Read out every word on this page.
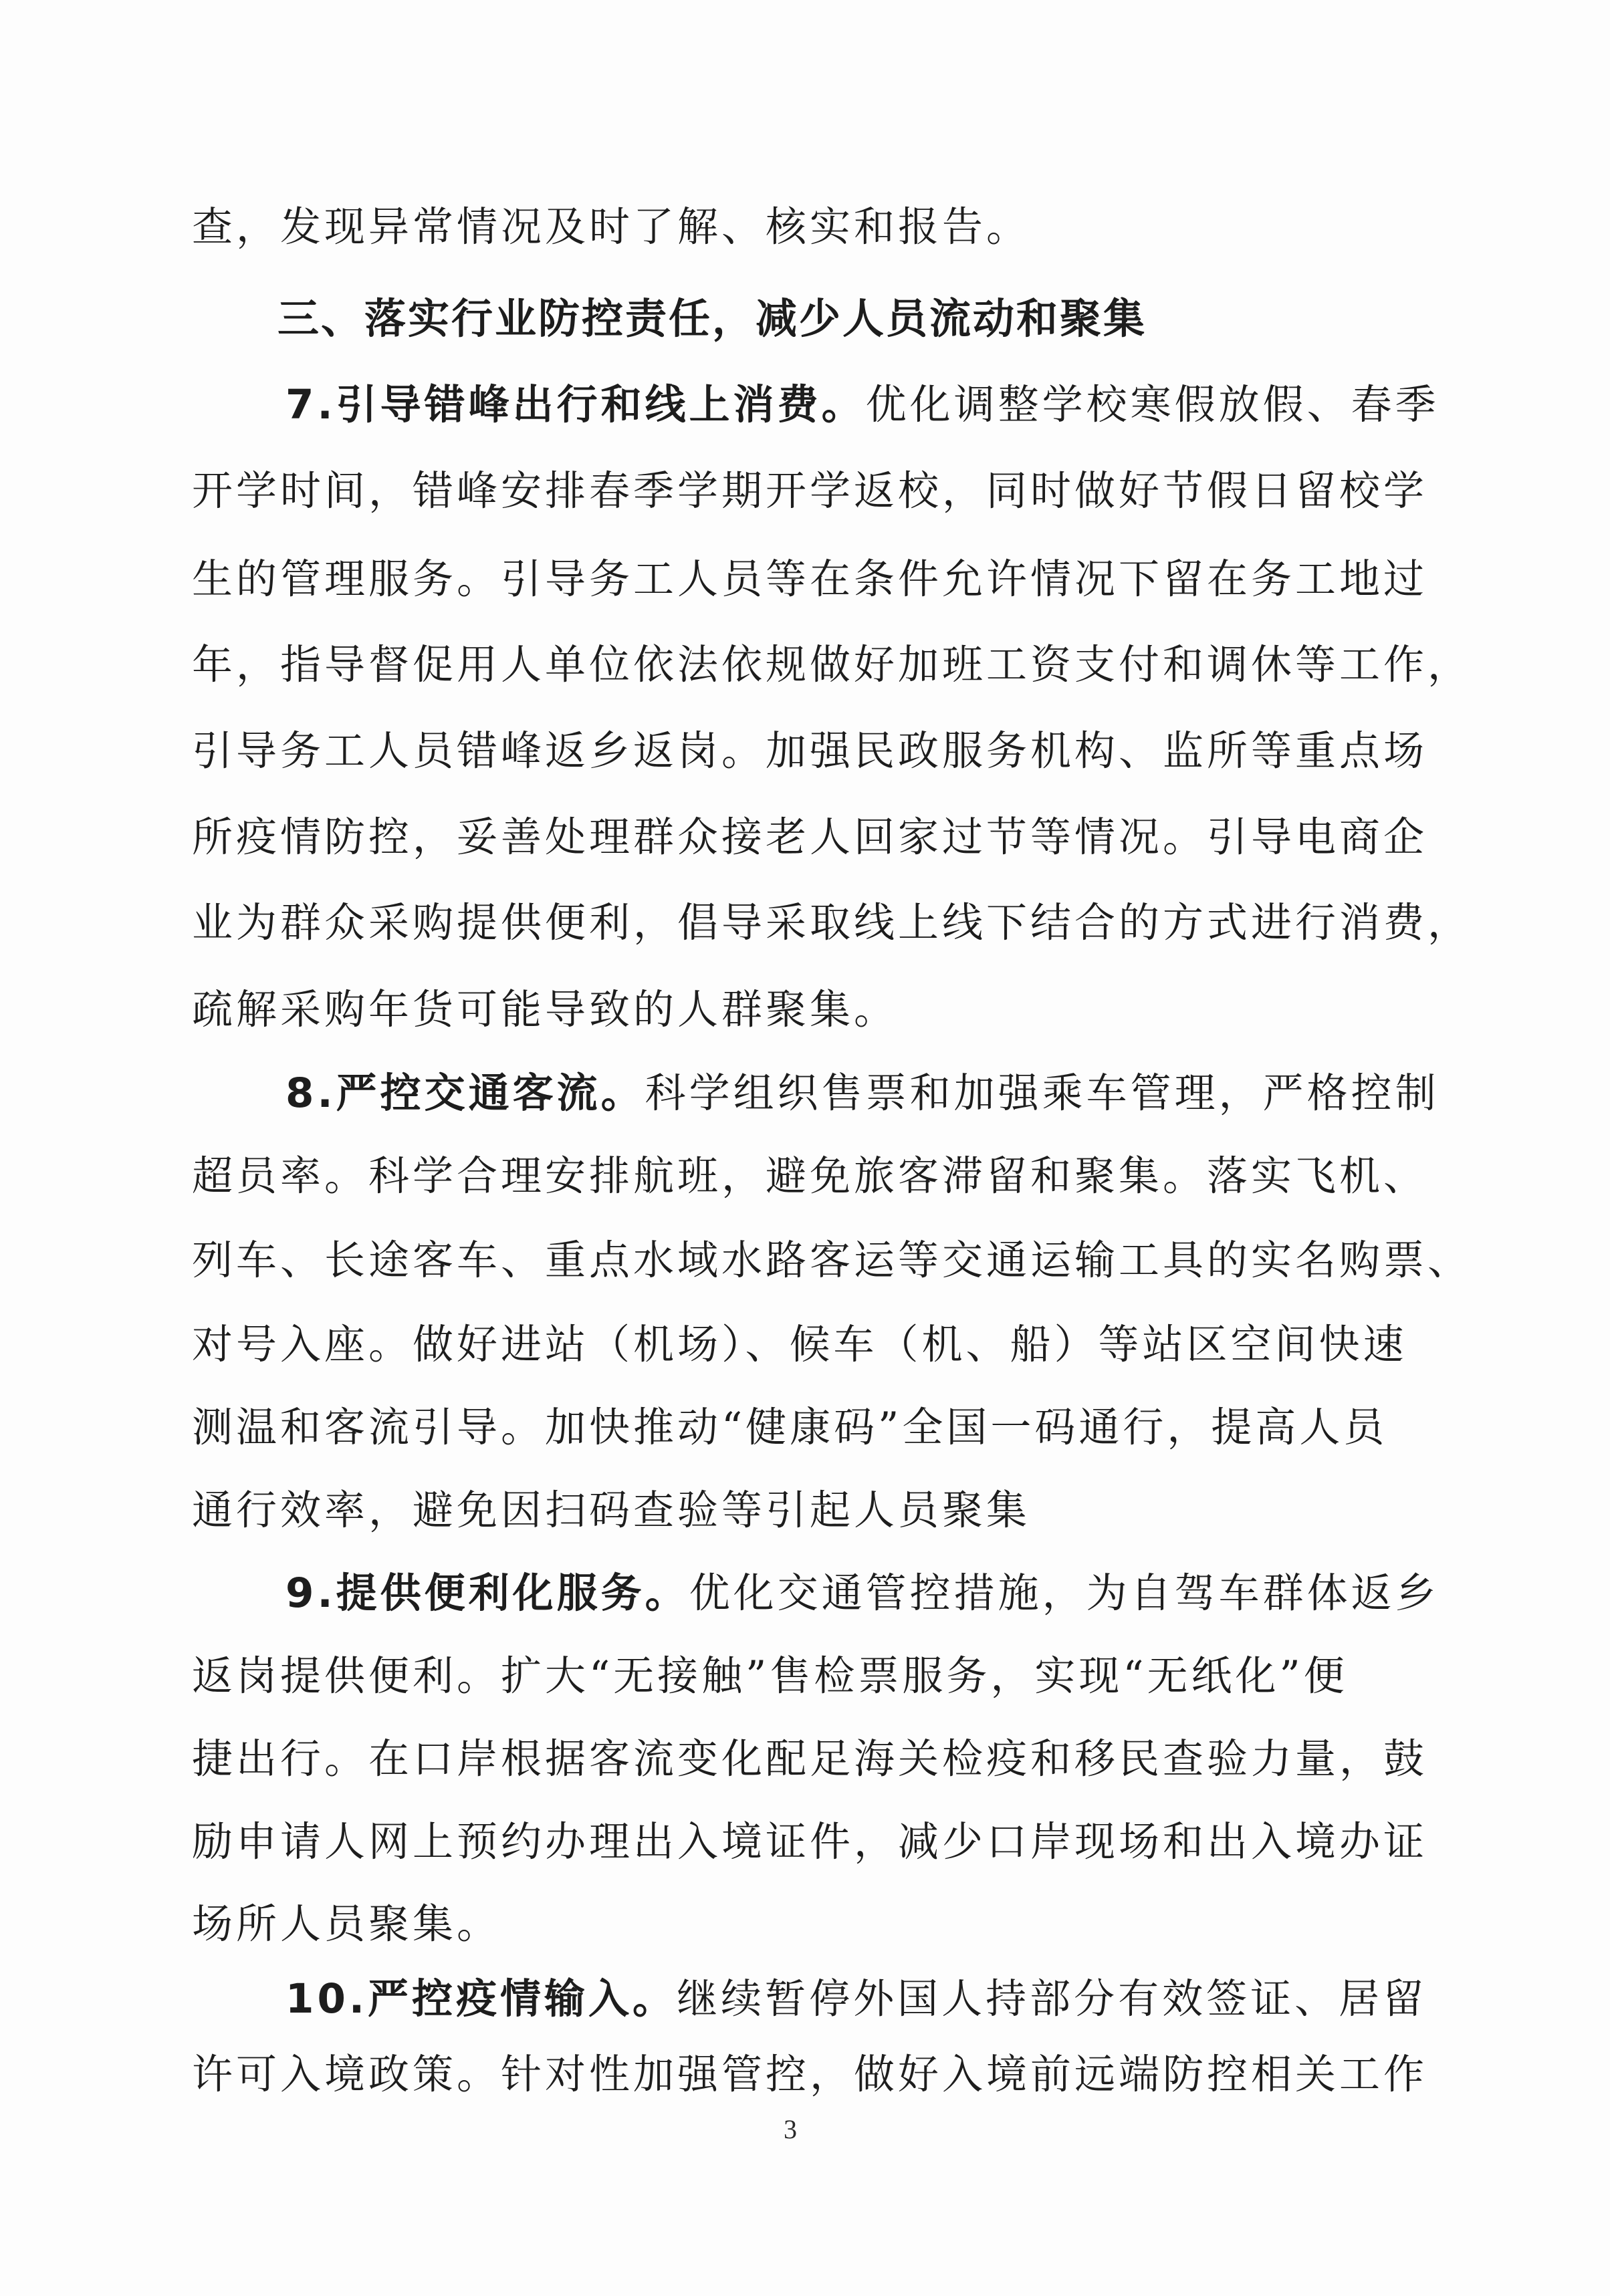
查，发现异常情况及时了解、核实和报告。
三、落实行业防控责任，减少人员流动和聚集
7.引导错峰出行和线上消费。优化调整学校寒假放假、春季
开学时间，错峰安排春季学期开学返校，同时做好节假日留校学
生的管理服务。引导务工人员等在条件允许情况下留在务工地过
年，指导督促用人单位依法依规做好加班工资支付和调休等工作，
引导务工人员错峰返乡返岗。加强民政服务机构、监所等重点场
所疫情防控，妥善处理群众接老人回家过节等情况。引导电商企
业为群众采购提供便利，倡导采取线上线下结合的方式进行消费，
疏解采购年货可能导致的人群聚集。
8.严控交通客流。科学组织售票和加强乘车管理，严格控制
超员率。科学合理安排航班，避免旅客滞留和聚集。落实飞机、
列车、长途客车、重点水域水路客运等交通运输工具的实名购票、
对号入座。做好进站（机场）、候车（机、船）等站区空间快速
测温和客流引导。加快推动“健康码”全国一码通行，提高人员
通行效率，避免因扫码查验等引起人员聚集
9.提供便利化服务。优化交通管控措施，为自驾车群体返乡
返岗提供便利。扩大“无接触”售检票服务，实现“无纸化”便
捷出行。在口岸根据客流变化配足海关检疫和移民查验力量，鼓
励申请人网上预约办理出入境证件，减少口岸现场和出入境办证
场所人员聚集。
10.严控疫情输入。继续暂停外国人持部分有效签证、居留
许可入境政策。针对性加强管控，做好入境前远端防控相关工作
3
